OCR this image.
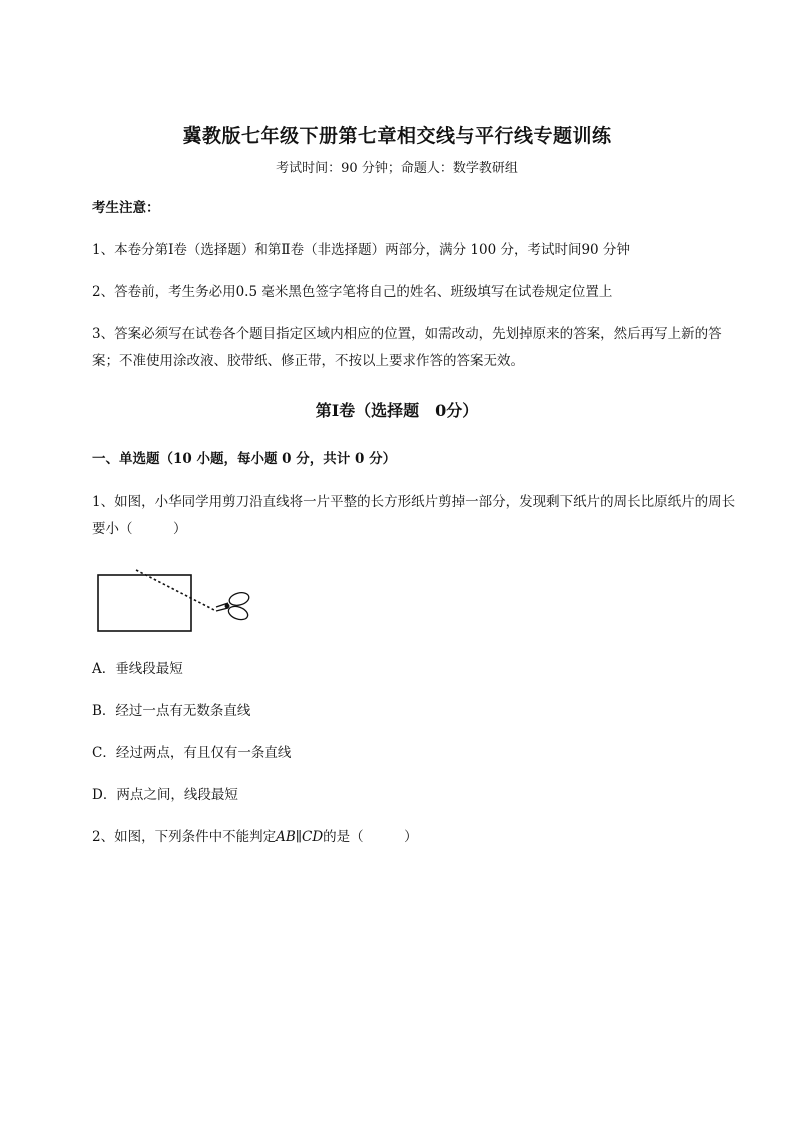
冀教版七年级下册第七章相交线与平行线专题训练
考试时间：90 分钟；命题人：数学教研组
考生注意：
1、本卷分第Ⅰ卷（选择题）和第Ⅱ卷（非选择题）两部分，满分 100 分，考试时间90 分钟
2、答卷前，考生务必用0.5 毫米黑色签字笔将自己的姓名、班级填写在试卷规定位置上
3、答案必须写在试卷各个题目指定区域内相应的位置，如需改动，先划掉原来的答案，然后再写上新的答案；不准使用涂改液、胶带纸、修正带，不按以上要求作答的答案无效。
第Ⅰ卷（选择题　0分）
一、单选题（10 小题，每小题 0 分，共计 0 分）
1、如图，小华同学用剪刀沿直线将一片平整的长方形纸片剪掉一部分，发现剩下纸片的周长比原纸片的周长要小（　　　）
A．垂线段最短
B．经过一点有无数条直线
C．经过两点，有且仅有一条直线
D．两点之间，线段最短
2、如图，下列条件中不能判定AB∥CD的是（　　　）
